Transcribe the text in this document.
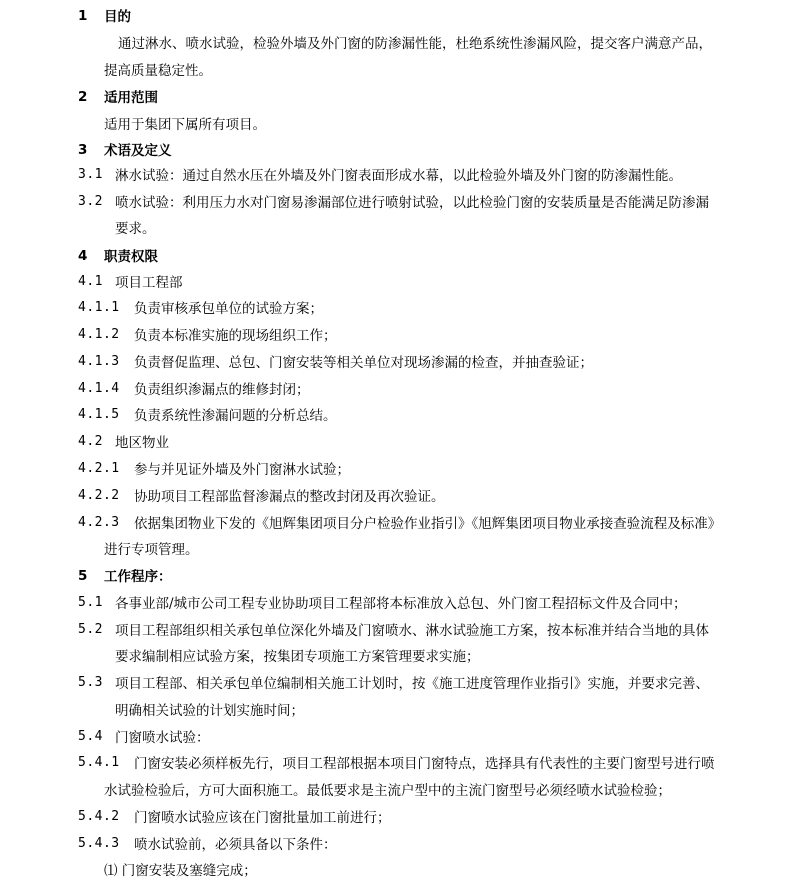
1 目的
通过淋水、喷水试验，检验外墙及外门窗的防渗漏性能，杜绝系统性渗漏风险，提交客户满意产品，
提高质量稳定性。
2 适用范围
适用于集团下属所有项目。
3 术语及定义
3.1 淋水试验：通过自然水压在外墙及外门窗表面形成水幕，以此检验外墙及外门窗的防渗漏性能。
3.2 喷水试验：利用压力水对门窗易渗漏部位进行喷射试验，以此检验门窗的安装质量是否能满足防渗漏
要求。
4 职责权限
4.1 项目工程部
4.1.1 负责审核承包单位的试验方案；
4.1.2 负责本标准实施的现场组织工作；
4.1.3 负责督促监理、总包、门窗安装等相关单位对现场渗漏的检查，并抽查验证；
4.1.4 负责组织渗漏点的维修封闭；
4.1.5 负责系统性渗漏问题的分析总结。
4.2 地区物业
4.2.1 参与并见证外墙及外门窗淋水试验；
4.2.2 协助项目工程部监督渗漏点的整改封闭及再次验证。
4.2.3 依据集团物业下发的《旭辉集团项目分户检验作业指引》《旭辉集团项目物业承接查验流程及标准》
进行专项管理。
5 工作程序：
5.1 各事业部/城市公司工程专业协助项目工程部将本标准放入总包、外门窗工程招标文件及合同中；
5.2 项目工程部组织相关承包单位深化外墙及门窗喷水、淋水试验施工方案，按本标准并结合当地的具体
要求编制相应试验方案，按集团专项施工方案管理要求实施；
5.3 项目工程部、相关承包单位编制相关施工计划时，按《施工进度管理作业指引》实施，并要求完善、
明确相关试验的计划实施时间；
5.4 门窗喷水试验：
5.4.1 门窗安装必须样板先行，项目工程部根据本项目门窗特点，选择具有代表性的主要门窗型号进行喷
水试验检验后，方可大面积施工。最低要求是主流户型中的主流门窗型号必须经喷水试验检验；
5.4.2 门窗喷水试验应该在门窗批量加工前进行；
5.4.3 喷水试验前，必须具备以下条件：
⑴ 门窗安装及塞缝完成；
